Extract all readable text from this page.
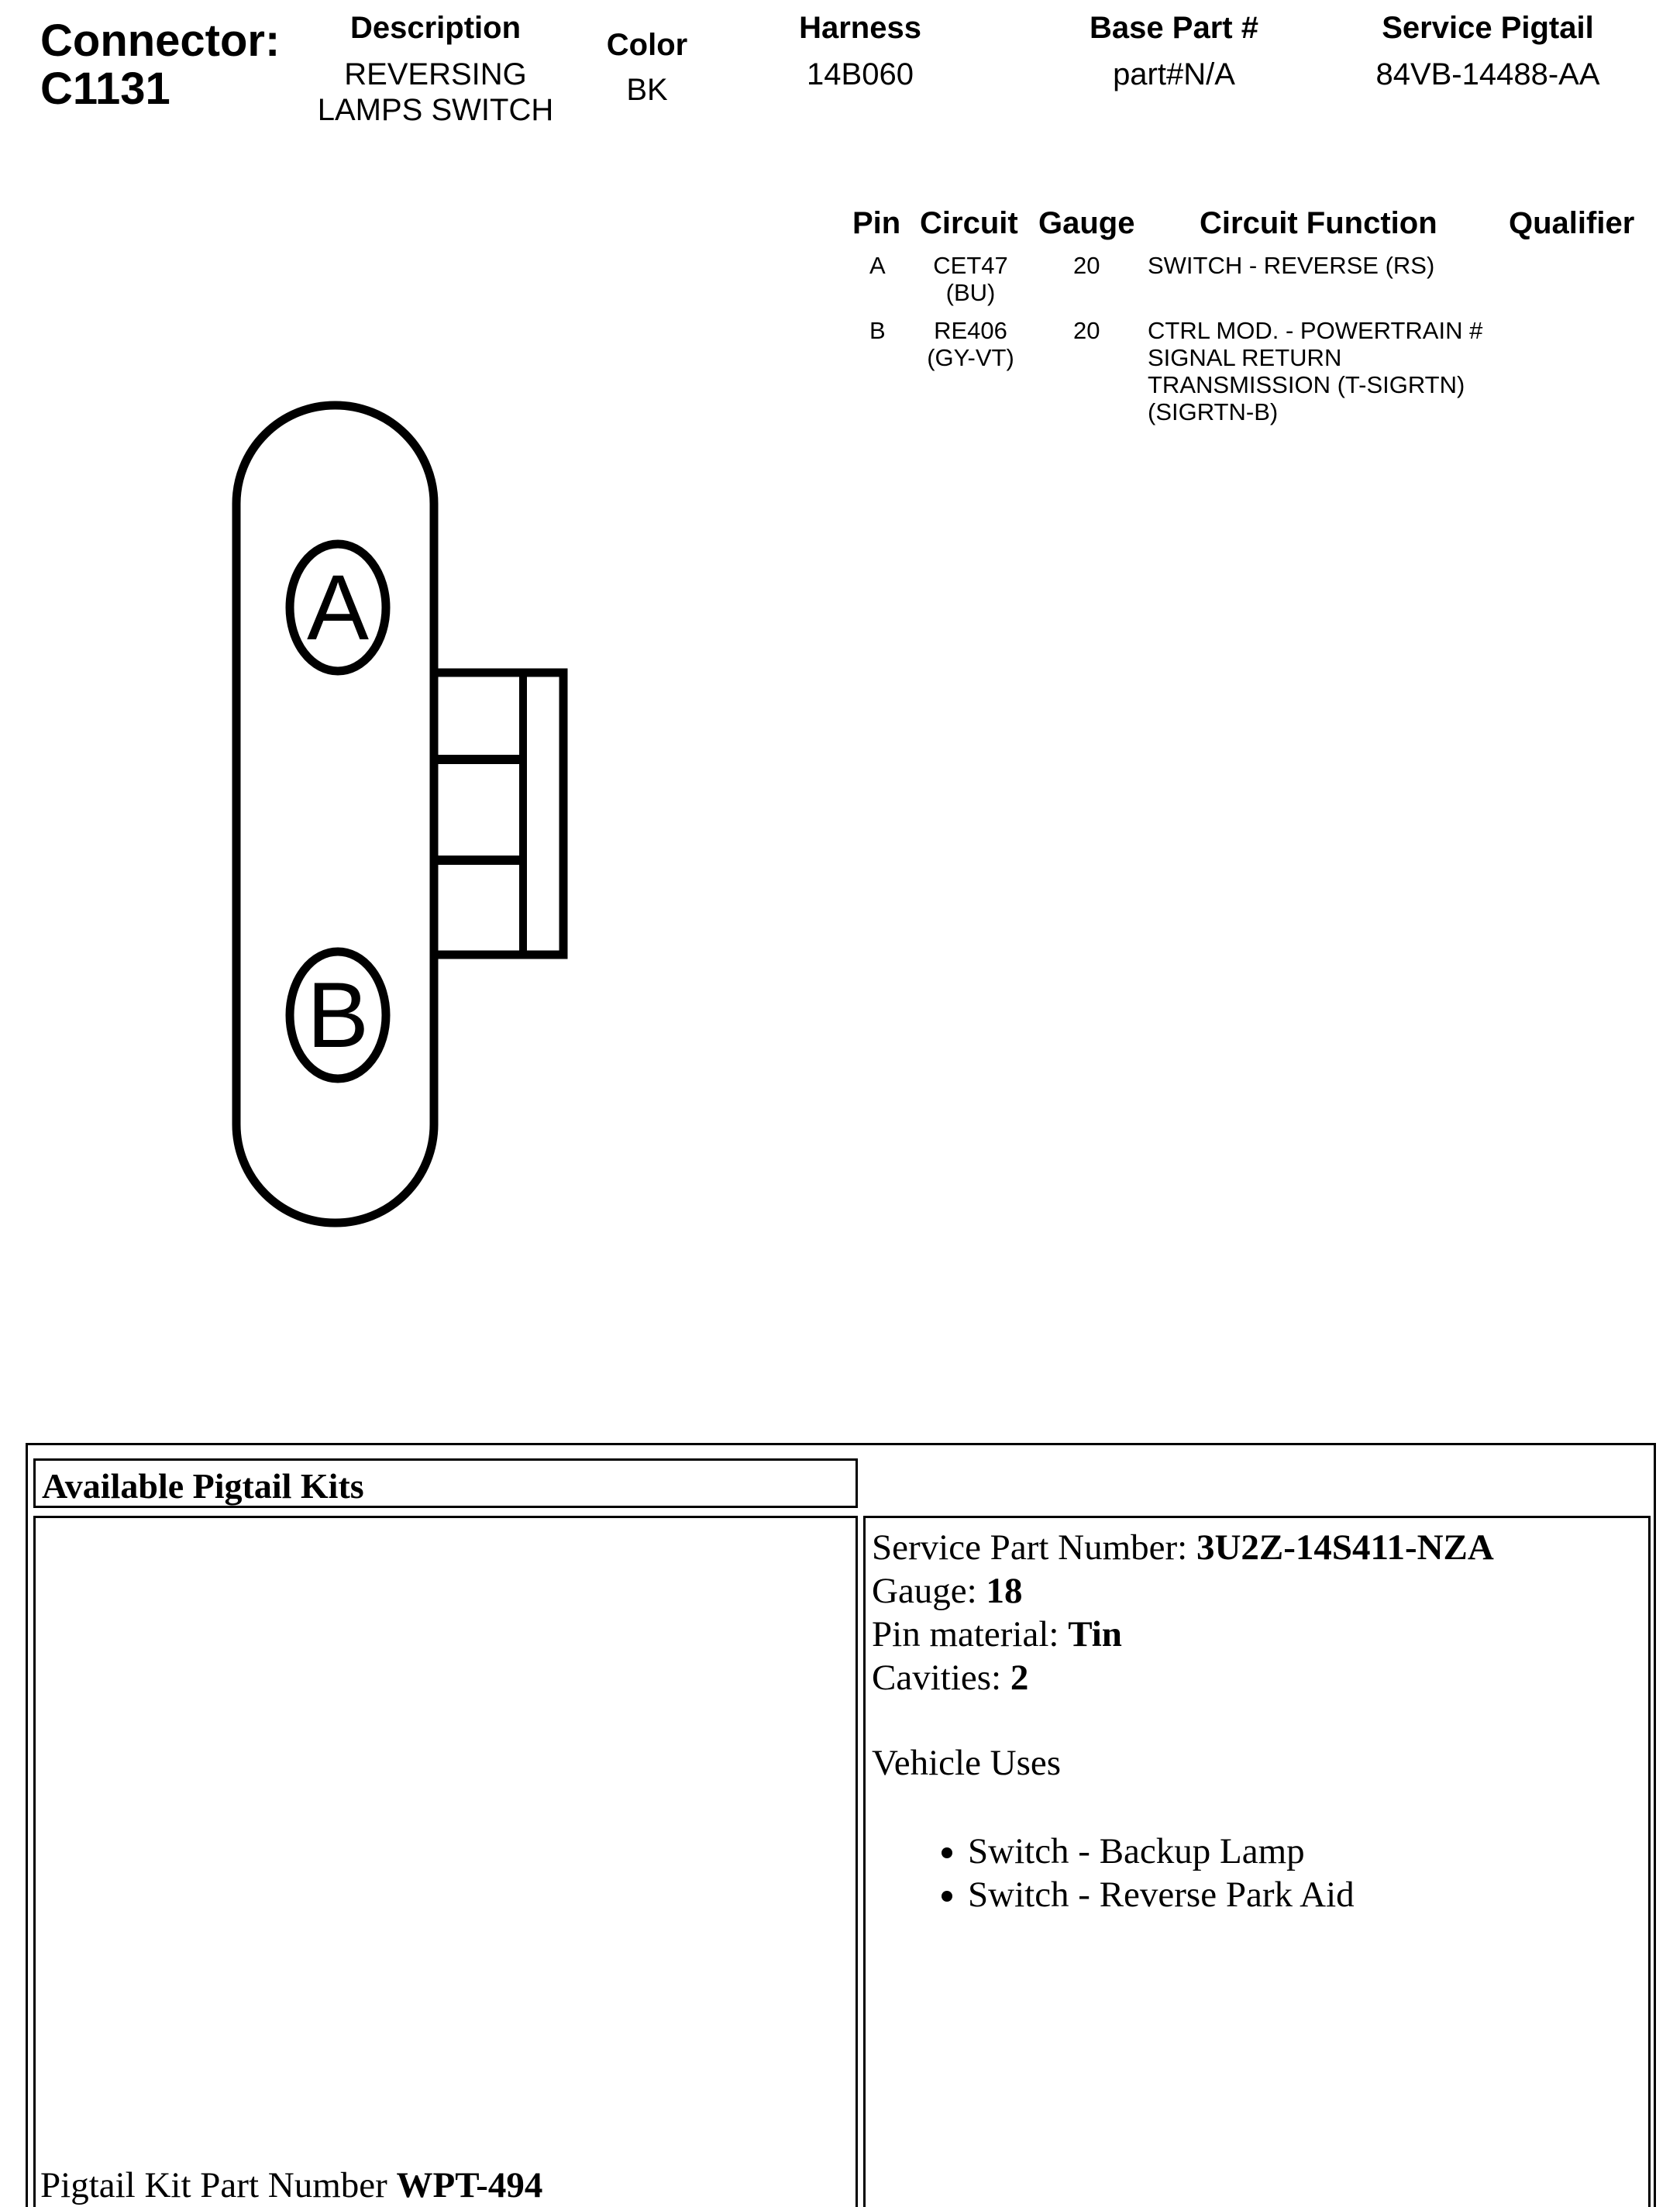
Connector:
C1131
Description
REVERSING
LAMPS SWITCH
Color
BK
Harness
14B060
Base Part #
part#N/A
Service Pigtail
84VB-14488-AA
Pin Circuit Gauge Circuit Function Qualifier
A	CET47
(BU)
20 SWITCH - REVERSE (RS)
B	RE406
(GY-VT)
20 CTRL MOD. - POWERTRAIN #
SIGNAL RETURN
TRANSMISSION (T-SIGRTN)
(SIGRTN-B)
A
B
Available Pigtail Kits
Pigtail Kit Part Number WPT-494
Service Part Number: 3U2Z-14S411-NZA
Gauge: 18
Pin material: Tin
Cavities: 2
Vehicle Uses
• Switch - Backup Lamp
• Switch - Reverse Park Aid
